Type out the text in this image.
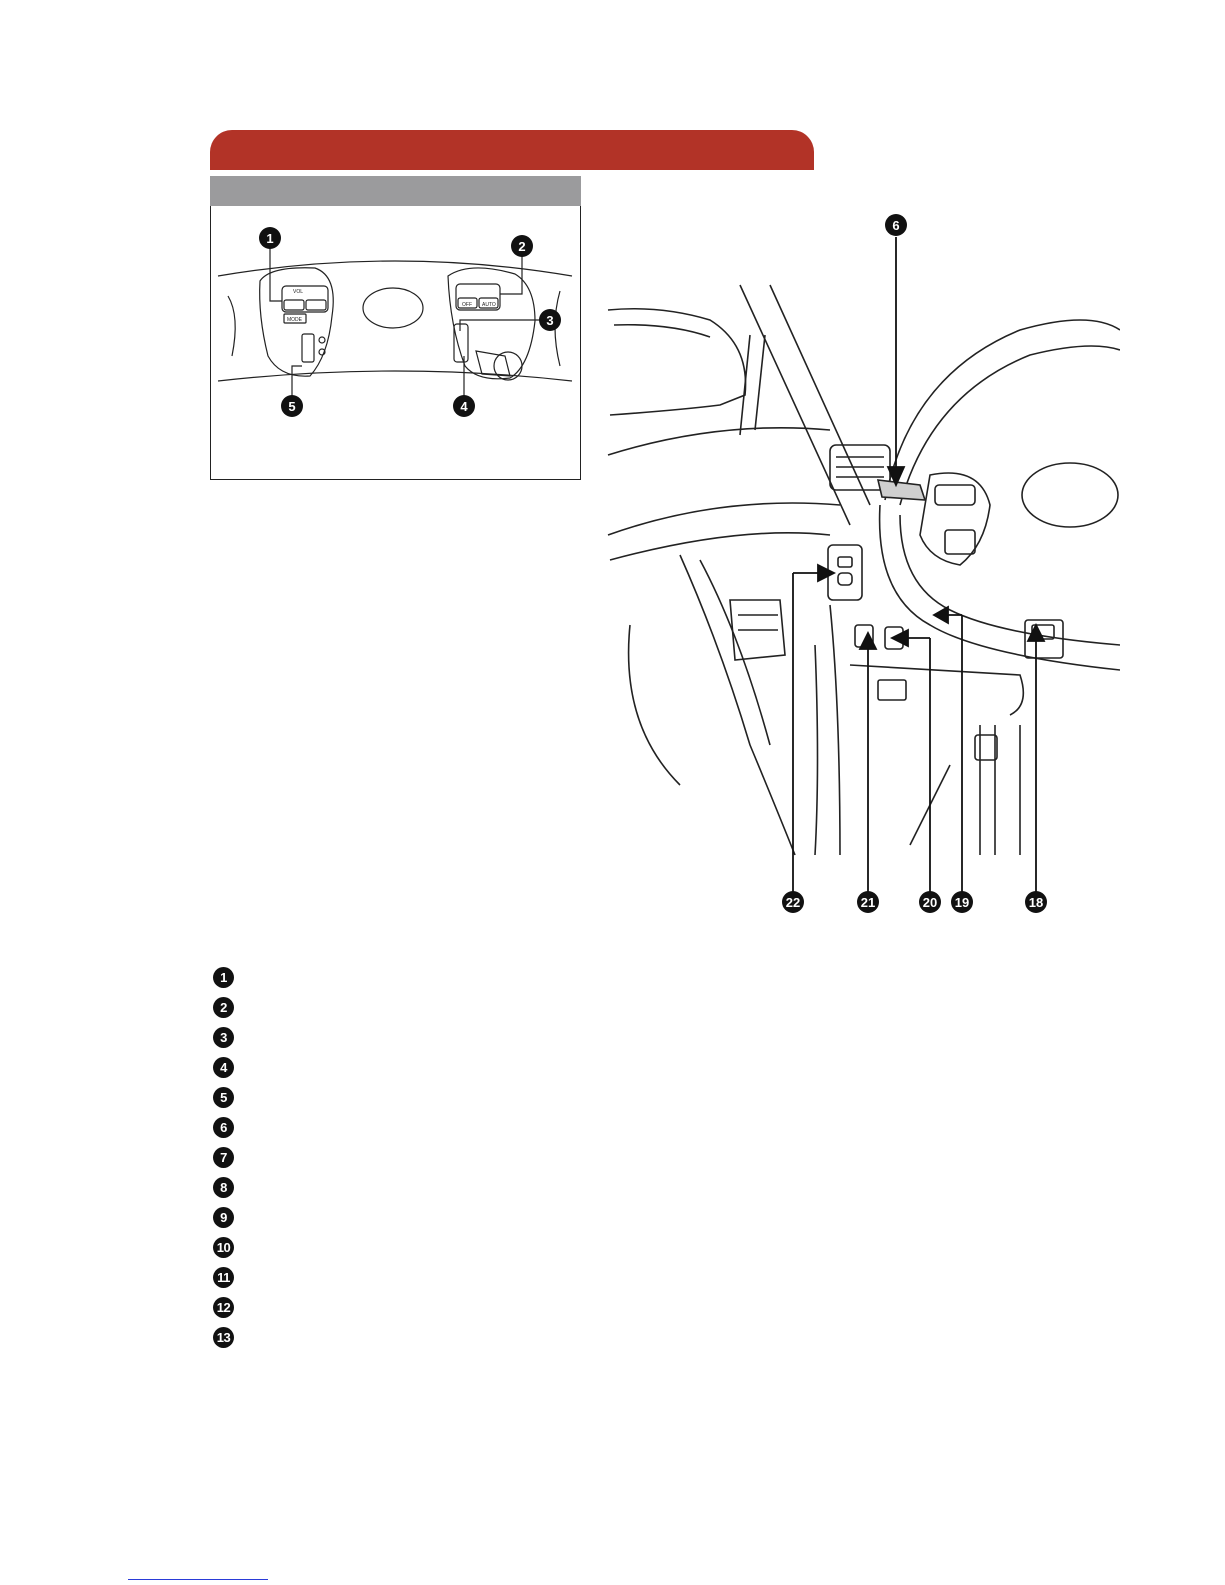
VOL
OFF AUTO
MODE
1
2
3
4
5
6
22	21	20 19	18
1
2
3
4
5
6
7
8
9
10
11
12
13
